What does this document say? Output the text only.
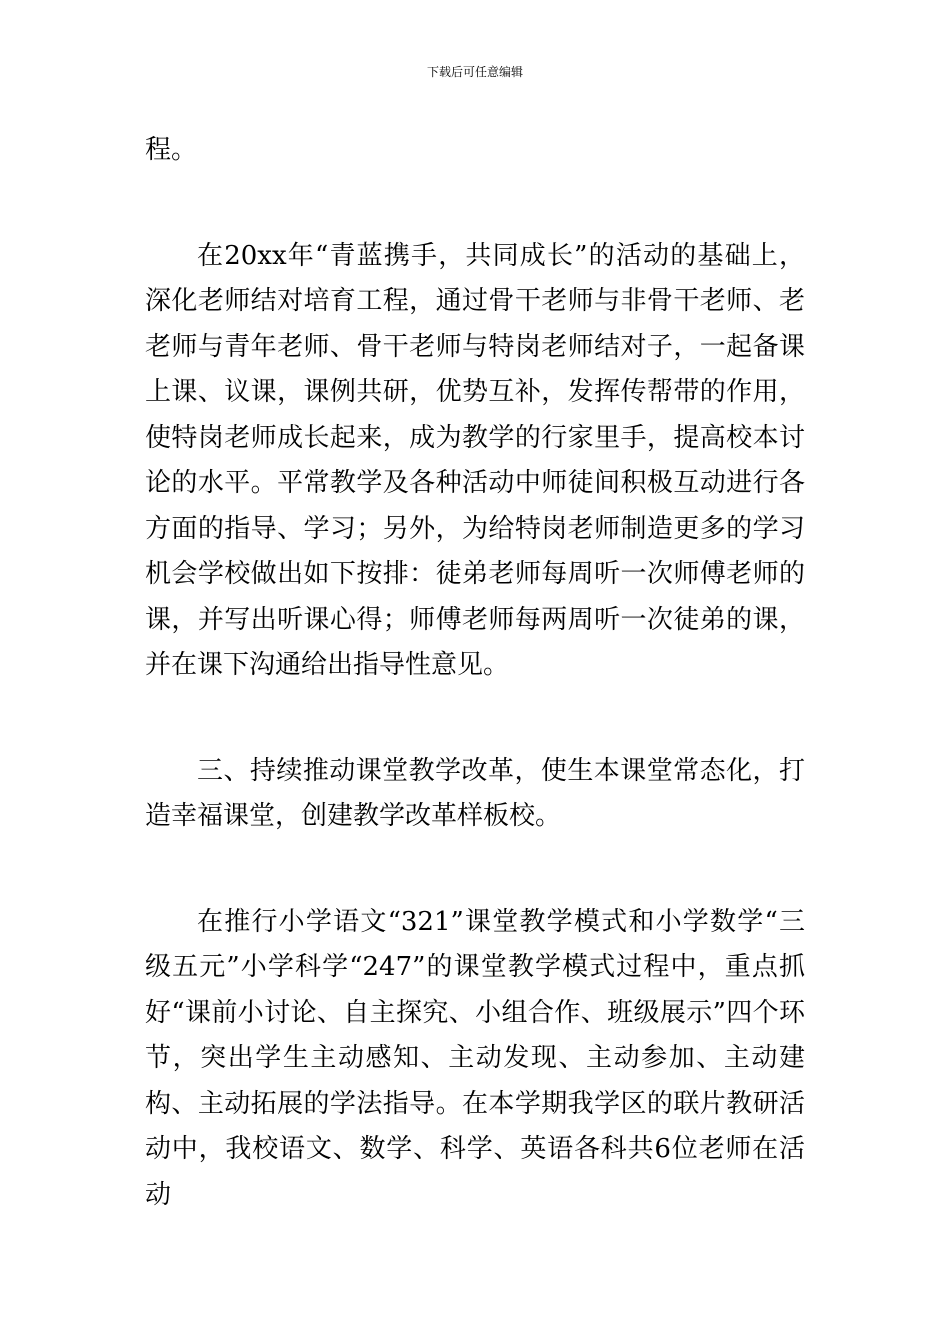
下载后可任意编辑

程。

在20xx年“青蓝携手，共同成长”的活动的基础上，深化老师结对培育工程，通过骨干老师与非骨干老师、老老师与青年老师、骨干老师与特岗老师结对子，一起备课上课、议课，课例共研，优势互补，发挥传帮带的作用，使特岗老师成长起来，成为教学的行家里手，提高校本讨论的水平。平常教学及各种活动中师徒间积极互动进行各方面的指导、学习；另外，为给特岗老师制造更多的学习机会学校做出如下按排：徒弟老师每周听一次师傅老师的课，并写出听课心得；师傅老师每两周听一次徒弟的课，并在课下沟通给出指导性意见。

三、持续推动课堂教学改革，使生本课堂常态化，打造幸福课堂，创建教学改革样板校。

在推行小学语文“321”课堂教学模式和小学数学“三级五元”小学科学“247”的课堂教学模式过程中，重点抓好“课前小讨论、自主探究、小组合作、班级展示”四个环节，突出学生主动感知、主动发现、主动参加、主动建构、主动拓展的学法指导。在本学期我学区的联片教研活动中，我校语文、数学、科学、英语各科共6位老师在活动
